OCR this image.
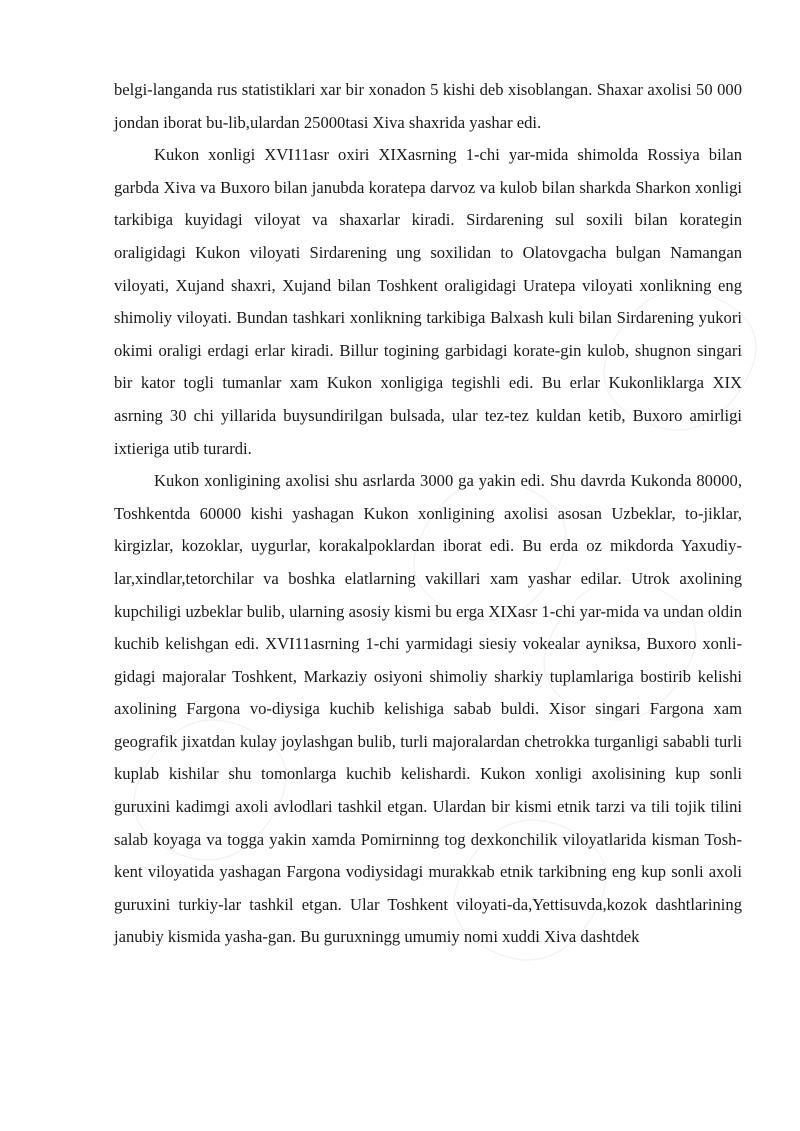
belgi-langanda rus statistiklari xar bir xonadon 5 kishi deb xisoblangan. Shaxar axolisi 50 000 jondan iborat bu-lib,ulardan 25000tasi Xiva shaxrida yashar edi.

Kukon xonligi XVI11asr oxiri XIXasrning 1-chi yar-mida shimolda Rossiya bilan garbda Xiva va Buxoro bilan janubda koratepa darvoz va kulob bilan sharkda Sharkon xonligi tarkibiga kuyidagi viloyat va shaxarlar kiradi. Sirdarening sul soxili bilan korategin oraligidagi Kukon viloyati Sirdarening ung soxilidan to Olatovgacha bulgan Namangan viloyati, Xujand shaxri, Xujand bilan Toshkent oraligidagi Uratepa viloyati xonlikning eng shimoliy viloyati. Bundan tashkari xonlikning tarkibiga Balxash kuli bilan Sirdarening yukori okimi oraligi erdagi erlar kiradi. Billur togining garbidagi korate-gin kulob, shugnon singari bir kator togli tumanlar xam Kukon xonligiga tegishli edi. Bu erlar Kukonliklarga XIX asrning 30 chi yillarida buysundirilgan bulsada, ular tez-tez kuldan ketib, Buxoro amirligi ixtieriga utib turardi.

Kukon xonligining axolisi shu asrlarda 3000 ga yakin edi. Shu davrda Kukonda 80000, Toshkentda 60000 kishi yashagan Kukon xonligining axolisi asosan Uzbeklar, to-jiklar, kirgizlar, kozoklar, uygurlar, korakalpoklardan iborat edi. Bu erda oz mikdorda Yaxudiy-lar,xindlar,tetorchilar va boshka elatlarning vakillari xam yashar edilar. Utrok axolining kupchiligi uzbeklar bulib, ularning asosiy kismi bu erga XIXasr 1-chi yar-mida va undan oldin kuchib kelishgan edi. XVI11asrning 1-chi yarmidagi siesiy vokealar ayniksa, Buxoro xonli-gidagi majoralar Toshkent, Markaziy osiyoni shimoliy sharkiy tuplamlariga bostirib kelishi axolining Fargona vo-diysiga kuchib kelishiga sabab buldi. Xisor singari Fargona xam geografik jixatdan kulay joylashgan bulib, turli majoralardan chetrokka turganligi sababli turli kuplab kishilar shu tomonlarga kuchib kelishardi. Kukon xonligi axolisining kup sonli guruxini kadimgi axoli avlodlari tashkil etgan. Ulardan bir kismi etnik tarzi va tili tojik tilini salab koyaga va togga yakin xamda Pomirninng tog dexkonchilik viloyatlarida kisman Tosh-kent viloyatida yashagan Fargona vodiysidagi murakkab etnik tarkibning eng kup sonli axoli guruxini turkiy-lar tashkil etgan. Ular Toshkent viloyati-da,Yettisuvda,kozok dashtlarining janubiy kismida yasha-gan. Bu guruxningg umumiy nomi xuddi Xiva dashtdek
